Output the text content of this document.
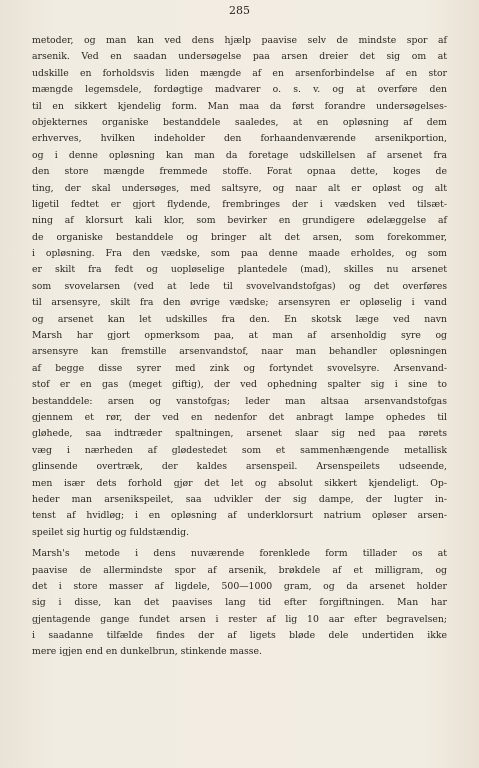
285
metoder, og man kan ved dens hjælp paavise selv de mindste spor af
arsenik. Ved en saadan undersøgelse paa arsen dreier det sig om at
udskille en forholdsvis liden mængde af en arsenforbindelse af en stor
mængde legemsdele, fordøgtige madvarer o. s. v. og at overføre den
til en sikkert kjendelig form. Man maa da først forandre undersøgelses-
objekternes organiske bestanddele saaledes, at en opløsning af dem
erhverves, hvilken indeholder den forhaandenværende arsenikportion,
og i denne opløsning kan man da foretage udskillelsen af arsenet fra
den store mængde fremmede stoffe. Forat opnaa dette, koges de
ting, der skal undersøges, med saltsyre, og naar alt er opløst og alt
ligetil fedtet er gjort flydende, frembringes der i vædsken ved tilsæt-
ning af klorsurt kali klor, som bevirker en grundigere ødelæggelse af
de organiske bestanddele og bringer alt det arsen, som forekommer,
i opløsning. Fra den vædske, som paa denne maade erholdes, og som
er skilt fra fedt og uopløselige plantedele (mad), skilles nu arsenet
som svovelarsen (ved at lede til svovelvandstofgas) og det overføres
til arsensyre, skilt fra den øvrige vædske; arsensyren er opløselig i vand
og arsenet kan let udskilles fra den. En skotsk læge ved navn
Marsh har gjort opmerksom paa, at man af arsenholdig syre og
arsensyre kan fremstille arsenvandstof, naar man behandler opløsningen
af begge disse syrer med zink og fortyndet svovelsyre. Arsenvand-
stof er en gas (meget giftig), der ved ophedning spalter sig i sine to
bestanddele: arsen og vanstofgas; leder man altsaa arsenvandstofgas
gjennem et rør, der ved en nedenfor det anbragt lampe ophedes til
gløhede, saa indtræder spaltningen, arsenet slaar sig ned paa rørets
væg i nærheden af glødestedet som et sammenhængende metallisk
glinsende overtræk, der kaldes arsenspeil. Arsenspeilets udseende,
men især dets forhold gjør det let og absolut sikkert kjendeligt. Op-
heder man arsenikspeilet, saa udvikler der sig dampe, der lugter in-
tenst af hvidløg; i en opløsning af underklorsurt natrium opløser arsen-
speilet sig hurtig og fuldstændig.
Marsh's metode i dens nuværende forenklede form tillader os at
paavise de allermindste spor af arsenik, brøkdele af et milligram, og
det i store masser af ligdele, 500—1000 gram, og da arsenet holder
sig i disse, kan det paavises lang tid efter forgiftningen. Man har
gjentagende gange fundet arsen i rester af lig 10 aar efter begravelsen;
i saadanne tilfælde findes der af ligets bløde dele undertiden ikke
mere igjen end en dunkelbrun, stinkende masse.
